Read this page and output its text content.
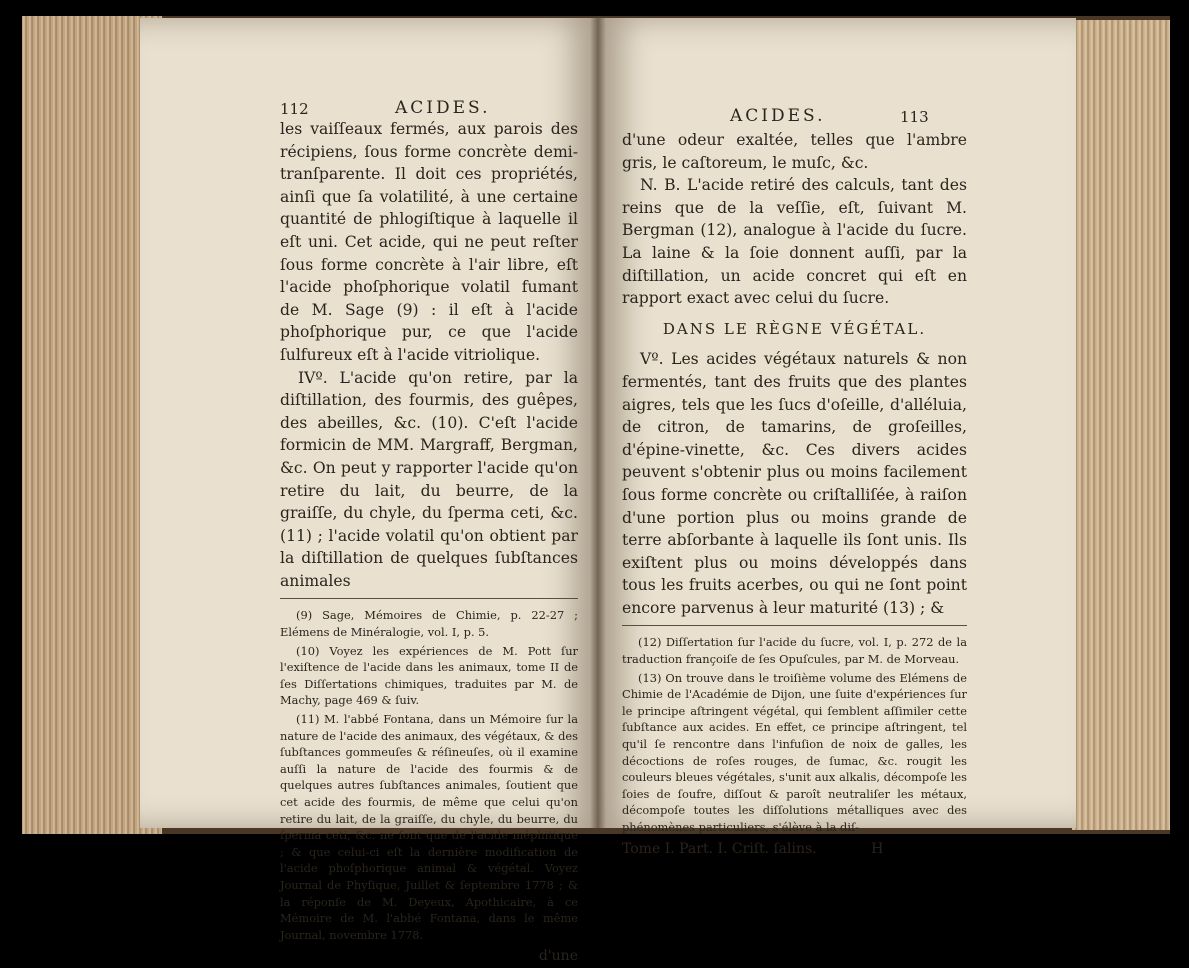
112	ACIDES.

les vaiſſeaux fermés, aux parois des récipiens, ſous forme concrète demi-tranſparente. Il doit ces propriétés, ainſi que ſa volatilité, à une certaine quantité de phlogiſtique à laquelle il eſt uni. Cet acide, qui ne peut reſter ſous forme concrète à l'air libre, eſt l'acide phoſphorique volatil fumant de M. Sage (9) : il eſt à l'acide phoſphorique pur, ce que l'acide ſulfureux eſt à l'acide vitriolique.

IVº. L'acide qu'on retire, par la diſtillation, des fourmis, des guêpes, des abeilles, &c. (10). C'eſt l'acide formicin de MM. Margraff, Bergman, &c. On peut y rapporter l'acide qu'on retire du lait, du beurre, de la graiſſe, du chyle, du ſperma ceti, &c. (11) ; l'acide volatil qu'on obtient par la diſtillation de quelques ſubſtances animales

(9) Sage, Mémoires de Chimie, p. 22-27 ; Elémens de Minéralogie, vol. I, p. 5.

(10) Voyez les expériences de M. Pott ſur l'exiſtence de l'acide dans les animaux, tome II de ſes Diſſertations chimiques, traduites par M. de Machy, page 469 & ſuiv.

(11) M. l'abbé Fontana, dans un Mémoire ſur la nature de l'acide des animaux, des végétaux, & des ſubſtances gommeuſes & réſineuſes, où il examine auſſi la nature de l'acide des fourmis & de quelques autres ſubſtances animales, ſoutient que cet acide des fourmis, de même que celui qu'on retire du lait, de la graiſſe, du chyle, du beurre, du ſperma ceti, &c. ne ſont que de l'acide méphitique ; & que celui-ci eſt la dernière modification de l'acide phoſphorique animal & végétal. Voyez Journal de Phyſique, Juillet & ſeptembre 1778 ; & la réponſe de M. Deyeux, Apothicaire, à ce Mémoire de M. l'abbé Fontana, dans le même Journal, novembre 1778.

d'une
ACIDES.	113

d'une odeur exaltée, telles que l'ambre gris, le caſtoreum, le muſc, &c.

N. B. L'acide retiré des calculs, tant des reins que de la veſſie, eſt, ſuivant M. Bergman (12), analogue à l'acide du ſucre. La laine & la ſoie donnent auſſi, par la diſtillation, un acide concret qui eſt en rapport exact avec celui du ſucre.

DANS LE RÈGNE VÉGÉTAL.

Vº. Les acides végétaux naturels & non fermentés, tant des fruits que des plantes aigres, tels que les ſucs d'oſeille, d'alléluia, de citron, de tamarins, de groſeilles, d'épine-vinette, &c. Ces divers acides peuvent s'obtenir plus ou moins facilement ſous forme concrète ou criſtalliſée, à raiſon d'une portion plus ou moins grande de terre abſorbante à laquelle ils ſont unis. Ils exiſtent plus ou moins développés dans tous les fruits acerbes, ou qui ne ſont point encore parvenus à leur maturité (13) ; &

(12) Diſſertation ſur l'acide du ſucre, vol. I, p. 272 de la traduction françoiſe de ſes Opuſcules, par M. de Morveau.

(13) On trouve dans le troiſième volume des Elémens de Chimie de l'Académie de Dijon, une ſuite d'expériences ſur le principe aſtringent végétal, qui ſemblent aſſimiler cette ſubſtance aux acides. En effet, ce principe aſtringent, tel qu'il ſe rencontre dans l'infuſion de noix de galles, les décoctions de roſes rouges, de ſumac, &c. rougit les couleurs bleues végétales, s'unit aux alkalis, décompoſe les ſoies de ſoufre, diſſout & paroît neutraliſer les métaux, décompoſe toutes les diſſolutions métalliques avec des phénomènes particuliers, s'élève à la diſ-

Tome I. Part. I. Criſt. ſalins.	H
